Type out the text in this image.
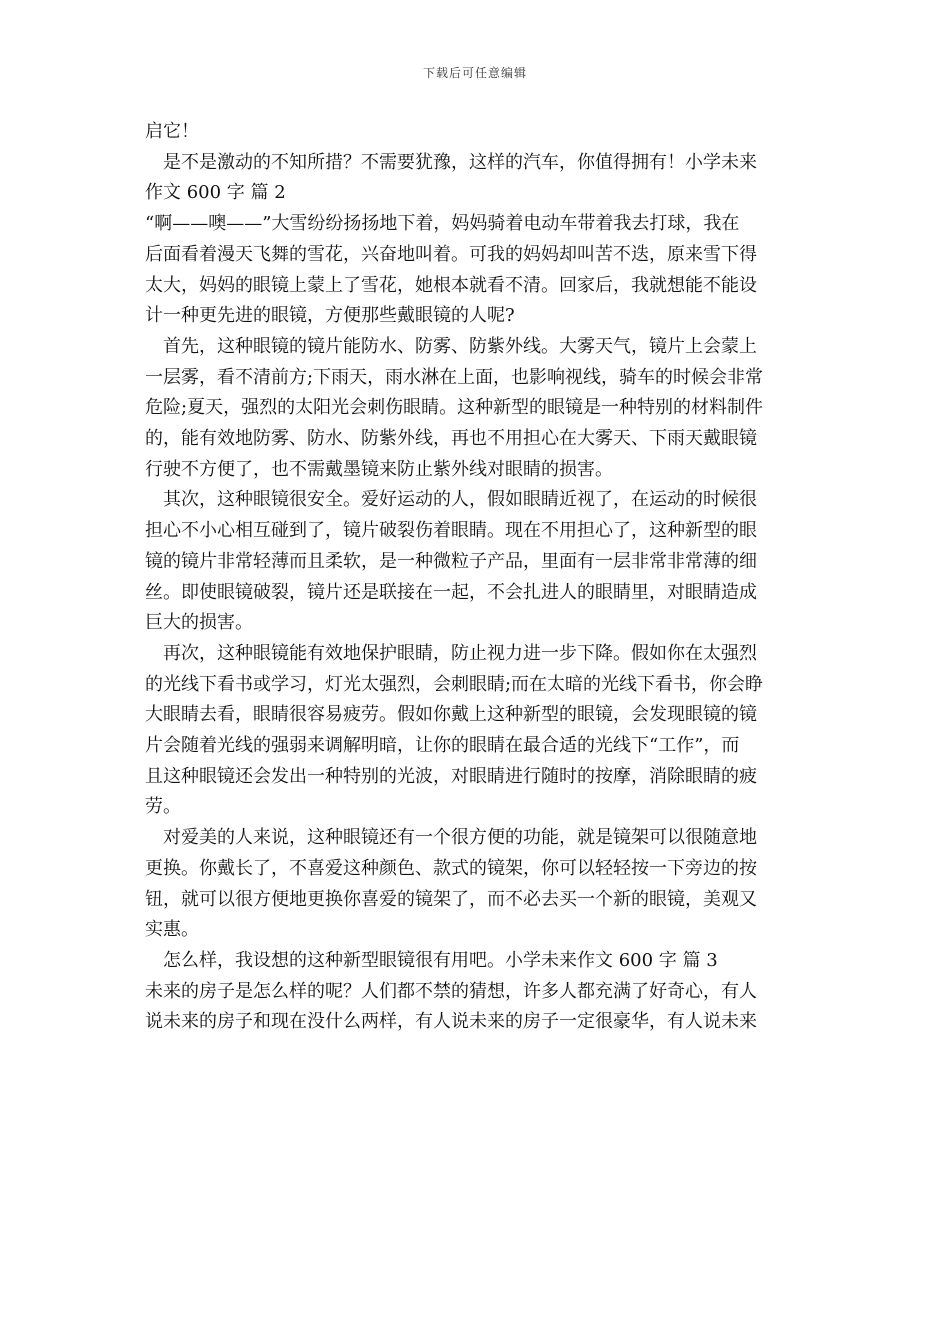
下载后可任意编辑

启它！

　是不是激动的不知所措？不需要犹豫，这样的汽车，你值得拥有！小学未来

作文 600 字 篇 2

“啊——噢——”大雪纷纷扬扬地下着，妈妈骑着电动车带着我去打球，我在

后面看着漫天飞舞的雪花，兴奋地叫着。可我的妈妈却叫苦不迭，原来雪下得

太大，妈妈的眼镜上蒙上了雪花，她根本就看不清。回家后，我就想能不能设

计一种更先进的眼镜，方便那些戴眼镜的人呢?

　首先，这种眼镜的镜片能防水、防雾、防紫外线。大雾天气，镜片上会蒙上

一层雾，看不清前方;下雨天，雨水淋在上面，也影响视线，骑车的时候会非常

危险;夏天，强烈的太阳光会刺伤眼睛。这种新型的眼镜是一种特别的材料制件

的，能有效地防雾、防水、防紫外线，再也不用担心在大雾天、下雨天戴眼镜

行驶不方便了，也不需戴墨镜来防止紫外线对眼睛的损害。

　其次，这种眼镜很安全。爱好运动的人，假如眼睛近视了，在运动的时候很

担心不小心相互碰到了，镜片破裂伤着眼睛。现在不用担心了，这种新型的眼

镜的镜片非常轻薄而且柔软，是一种微粒子产品，里面有一层非常非常薄的细

丝。即使眼镜破裂，镜片还是联接在一起，不会扎进人的眼睛里，对眼睛造成

巨大的损害。

　再次，这种眼镜能有效地保护眼睛，防止视力进一步下降。假如你在太强烈

的光线下看书或学习，灯光太强烈，会刺眼睛;而在太暗的光线下看书，你会睁

大眼睛去看，眼睛很容易疲劳。假如你戴上这种新型的眼镜，会发现眼镜的镜

片会随着光线的强弱来调解明暗，让你的眼睛在最合适的光线下“工作”，而

且这种眼镜还会发出一种特别的光波，对眼睛进行随时的按摩，消除眼睛的疲

劳。

　对爱美的人来说，这种眼镜还有一个很方便的功能，就是镜架可以很随意地

更换。你戴长了，不喜爱这种颜色、款式的镜架，你可以轻轻按一下旁边的按

钮，就可以很方便地更换你喜爱的镜架了，而不必去买一个新的眼镜，美观又

实惠。

　怎么样，我设想的这种新型眼镜很有用吧。小学未来作文 600 字 篇 3

未来的房子是怎么样的呢？人们都不禁的猜想，许多人都充满了好奇心，有人

说未来的房子和现在没什么两样，有人说未来的房子一定很豪华，有人说未来
